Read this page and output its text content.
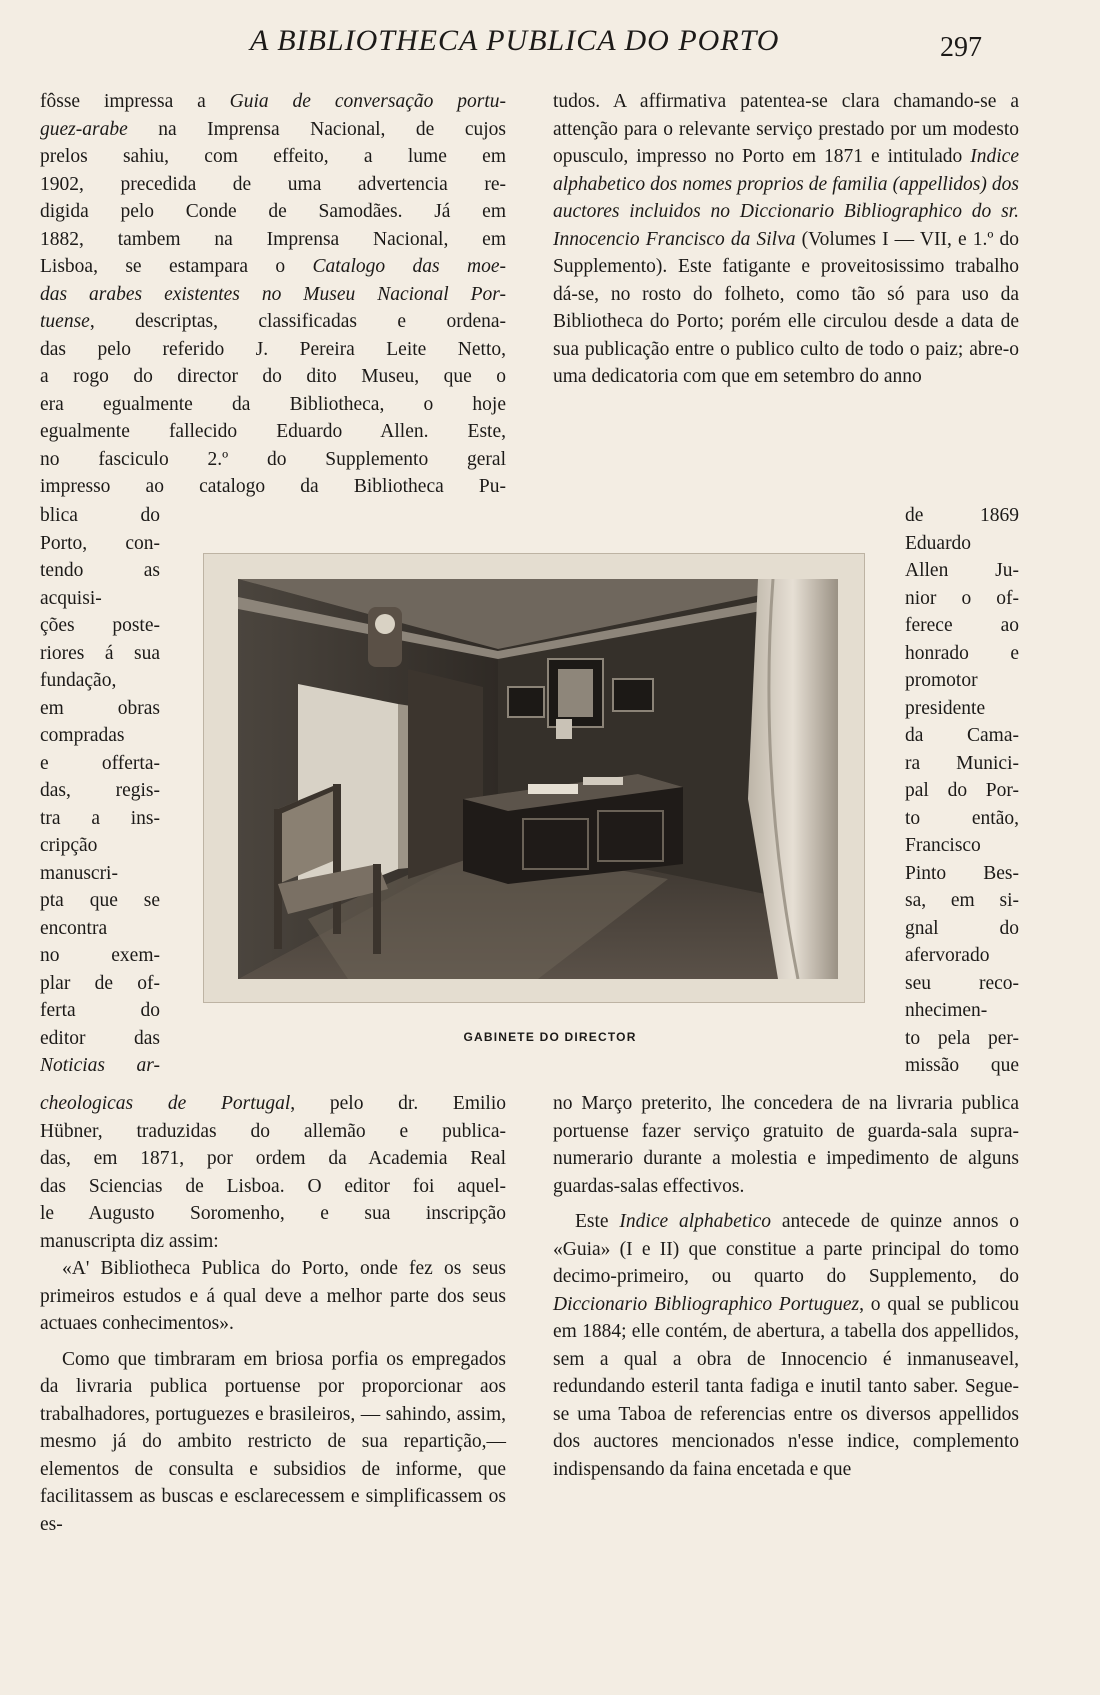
A BIBLIOTHECA PUBLICA DO PORTO	297
fôsse impressa a Guia de conversação portu-
guez-arabe na Imprensa Nacional, de cujos
prelos sahiu, com effeito, a lume em
1902, precedida de uma advertencia re-
digida pelo Conde de Samodães. Já em
1882, tambem na Imprensa Nacional, em
Lisboa, se estampara o Catalogo das moe-
das arabes existentes no Museu Nacional Por-
tuense, descriptas, classificadas e ordena-
das pelo referido J. Pereira Leite Netto,
a rogo do director do dito Museu, que o
era egualmente da Bibliotheca, o hoje
egualmente fallecido Eduardo Allen. Este,
no fasciculo 2.º do Supplemento geral
impresso ao catalogo da Bibliotheca Pu-
blica do
Porto, con-
tendo as
acquisi-
ções poste-
riores á sua
fundação,
em obras
compradas
e offerta-
das, regis-
tra a ins-
cripção
manuscri-
pta que se
encontra
no exem-
plar de of-
ferta do
editor das
Noticias ar-
GABINETE DO DIRECTOR
cheologicas de Portugal, pelo dr. Emilio
Hübner, traduzidas do allemão e publica-
das, em 1871, por ordem da Academia Real
das Sciencias de Lisboa. O editor foi aquel-
le Augusto Soromenho, e sua inscripção
manuscripta diz assim:

«A' Bibliotheca Publica do Porto, onde fez os seus primeiros estudos e á qual deve a melhor parte dos seus actuaes conhecimentos».

Como que timbraram em briosa porfia os empregados da livraria publica portuense por proporcionar aos trabalhadores, portuguezes e brasileiros, — sahindo, assim, mesmo já do ambito restricto de sua repartição,—elementos de consulta e subsidios de informe, que facilitassem as buscas e esclarecessem e simplificassem os es-

tudos. A affirmativa patentea-se clara chamando-se a attenção para o relevante serviço prestado por um modesto opusculo, impresso no Porto em 1871 e intitulado Indice alphabetico dos nomes proprios de familia (appellidos) dos auctores incluidos no Diccionario Bibliographico do sr. Innocencio Francisco da Silva (Volumes I — VII, e 1.º do Supplemento). Este fatigante e proveitosissimo trabalho dá-se, no rosto do folheto, como tão só para uso da Bibliotheca do Porto; porém elle circulou desde a data de sua publicação entre o publico culto de todo o paiz; abre-o uma dedicatoria com que em setembro do anno

de 1869
Eduardo
Allen Ju-
nior o of-
ferece ao
honrado e
promotor
presidente
da Cama-
ra Munici-
pal do Por-
to então,
Francisco
Pinto Bes-
sa, em si-
gnal do
afervorado
seu reco-
nhecimen-
to pela per-
missão que

no Março preterito, lhe concedera de na livraria publica portuense fazer serviço gratuito de guarda-sala supra-numerario durante a molestia e impedimento de alguns guardas-salas effectivos.

Este Indice alphabetico antecede de quinze annos o «Guia» (I e II) que constitue a parte principal do tomo decimo-primeiro, ou quarto do Supplemento, do Diccionario Bibliographico Portuguez, o qual se publicou em 1884; elle contém, de abertura, a tabella dos appellidos, sem a qual a obra de Innocencio é inmanuseavel, redundando esteril tanta fadiga e inutil tanto saber. Segue-se uma Taboa de referencias entre os diversos appellidos dos auctores mencionados n'esse indice, complemento indispensando da faina encetada e que
